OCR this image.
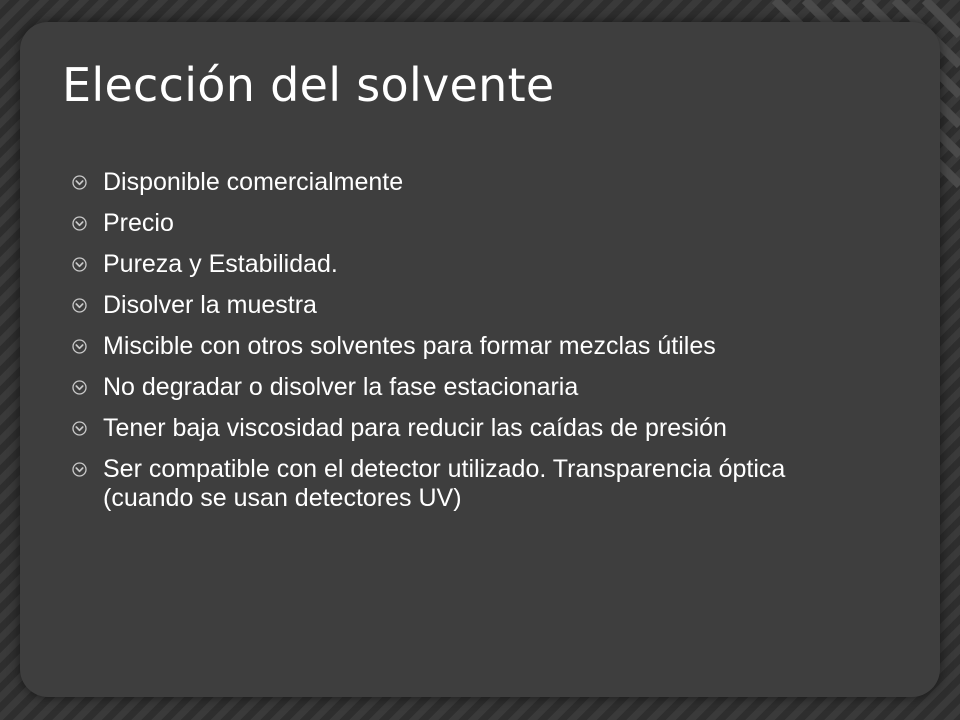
Elección del solvente
Disponible comercialmente
Precio
Pureza y Estabilidad.
Disolver la muestra
Miscible con otros solventes para formar mezclas útiles
No degradar o disolver la fase estacionaria
Tener baja viscosidad para reducir las caídas de presión
Ser compatible con el detector utilizado. Transparencia óptica (cuando se usan detectores UV)
